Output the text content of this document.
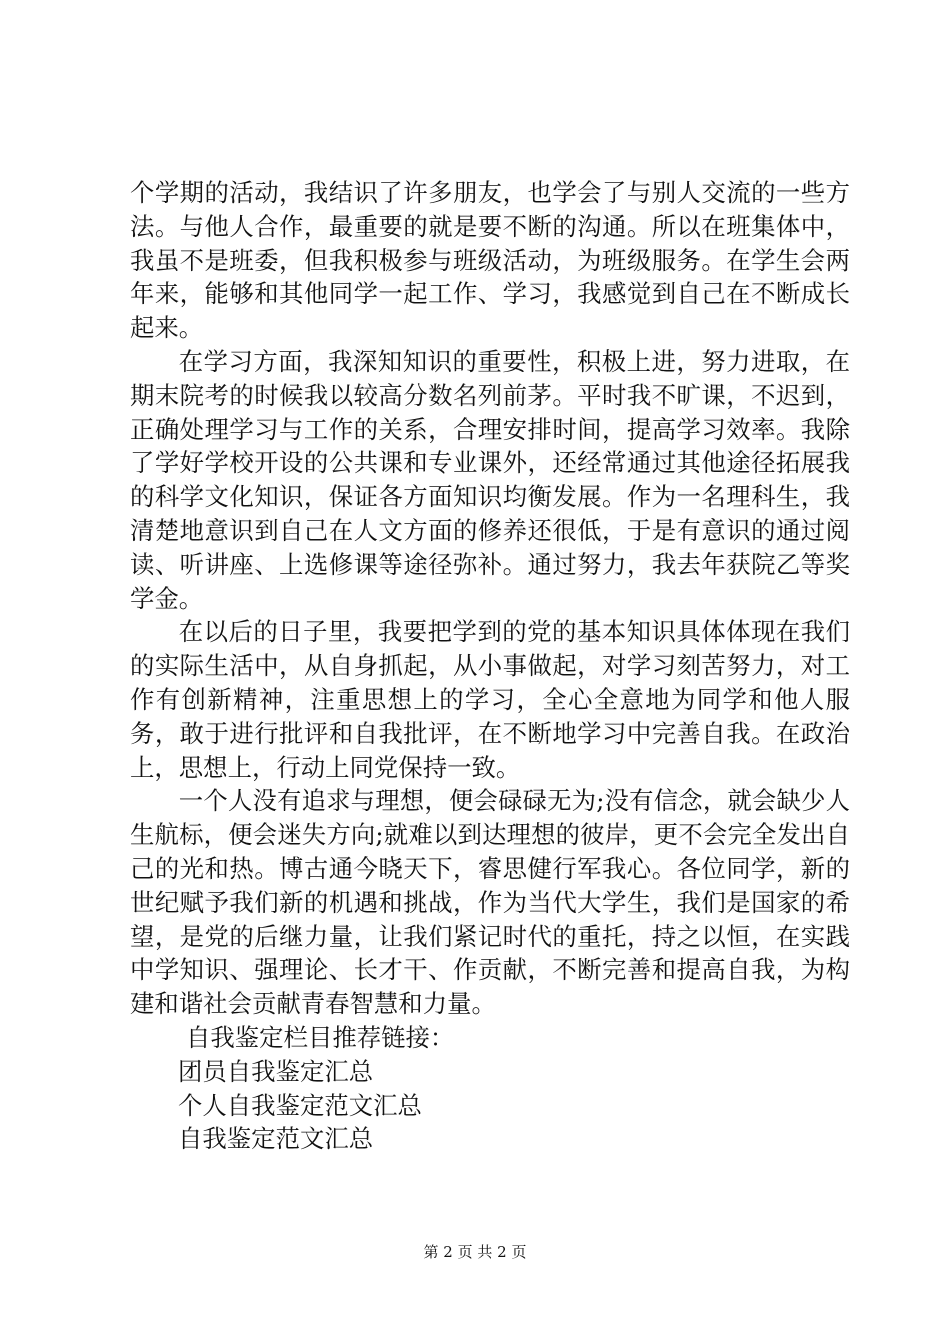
个学期的活动，我结识了许多朋友，也学会了与别人交流的一些方法。与他人合作，最重要的就是要不断的沟通。所以在班集体中，我虽不是班委，但我积极参与班级活动，为班级服务。在学生会两年来，能够和其他同学一起工作、学习，我感觉到自己在不断成长起来。

在学习方面，我深知知识的重要性，积极上进，努力进取，在期末院考的时候我以较高分数名列前茅。平时我不旷课，不迟到，正确处理学习与工作的关系，合理安排时间，提高学习效率。我除了学好学校开设的公共课和专业课外，还经常通过其他途径拓展我的科学文化知识，保证各方面知识均衡发展。作为一名理科生，我清楚地意识到自己在人文方面的修养还很低，于是有意识的通过阅读、听讲座、上选修课等途径弥补。通过努力，我去年获院乙等奖学金。

在以后的日子里，我要把学到的党的基本知识具体体现在我们的实际生活中，从自身抓起，从小事做起，对学习刻苦努力，对工作有创新精神，注重思想上的学习，全心全意地为同学和他人服务，敢于进行批评和自我批评，在不断地学习中完善自我。在政治上，思想上，行动上同党保持一致。

一个人没有追求与理想，便会碌碌无为;没有信念，就会缺少人生航标，便会迷失方向;就难以到达理想的彼岸，更不会完全发出自己的光和热。博古通今晓天下，睿思健行军我心。各位同学，新的世纪赋予我们新的机遇和挑战，作为当代大学生，我们是国家的希望，是党的后继力量，让我们紧记时代的重托，持之以恒，在实践中学知识、强理论、长才干、作贡献，不断完善和提高自我，为构建和谐社会贡献青春智慧和力量。

自我鉴定栏目推荐链接：

团员自我鉴定汇总

个人自我鉴定范文汇总

自我鉴定范文汇总

第 2 页 共 2 页
